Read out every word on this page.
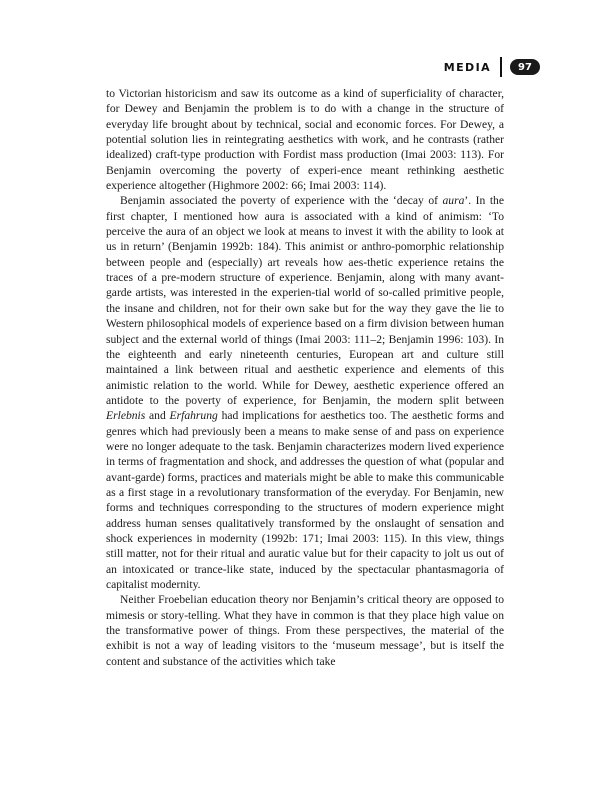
MEDIA	97

to Victorian historicism and saw its outcome as a kind of superficiality of character, for Dewey and Benjamin the problem is to do with a change in the structure of everyday life brought about by technical, social and economic forces. For Dewey, a potential solution lies in reintegrating aesthetics with work, and he contrasts (rather idealized) craft-type production with Fordist mass production (Imai 2003: 113). For Benjamin overcoming the poverty of experi-ence meant rethinking aesthetic experience altogether (Highmore 2002: 66; Imai 2003: 114).

Benjamin associated the poverty of experience with the ‘decay of aura’. In the first chapter, I mentioned how aura is associated with a kind of animism: ‘To perceive the aura of an object we look at means to invest it with the ability to look at us in return’ (Benjamin 1992b: 184). This animist or anthro-pomorphic relationship between people and (especially) art reveals how aes-thetic experience retains the traces of a pre-modern structure of experience. Benjamin, along with many avant-garde artists, was interested in the experien-tial world of so-called primitive people, the insane and children, not for their own sake but for the way they gave the lie to Western philosophical models of experience based on a firm division between human subject and the external world of things (Imai 2003: 111–2; Benjamin 1996: 103). In the eighteenth and early nineteenth centuries, European art and culture still maintained a link between ritual and aesthetic experience and elements of this animistic relation to the world. While for Dewey, aesthetic experience offered an antidote to the poverty of experience, for Benjamin, the modern split between Erlebnis and Erfahrung had implications for aesthetics too. The aesthetic forms and genres which had previously been a means to make sense of and pass on experience were no longer adequate to the task. Benjamin characterizes modern lived experience in terms of fragmentation and shock, and addresses the question of what (popular and avant-garde) forms, practices and materials might be able to make this communicable as a first stage in a revolutionary transformation of the everyday. For Benjamin, new forms and techniques corresponding to the structures of modern experience might address human senses qualitatively transformed by the onslaught of sensation and shock experiences in modernity (1992b: 171; Imai 2003: 115). In this view, things still matter, not for their ritual and auratic value but for their capacity to jolt us out of an intoxicated or trance-like state, induced by the spectacular phantasmagoria of capitalist modernity.

Neither Froebelian education theory nor Benjamin’s critical theory are opposed to mimesis or story-telling. What they have in common is that they place high value on the transformative power of things. From these perspectives, the material of the exhibit is not a way of leading visitors to the ‘museum message’, but is itself the content and substance of the activities which take
